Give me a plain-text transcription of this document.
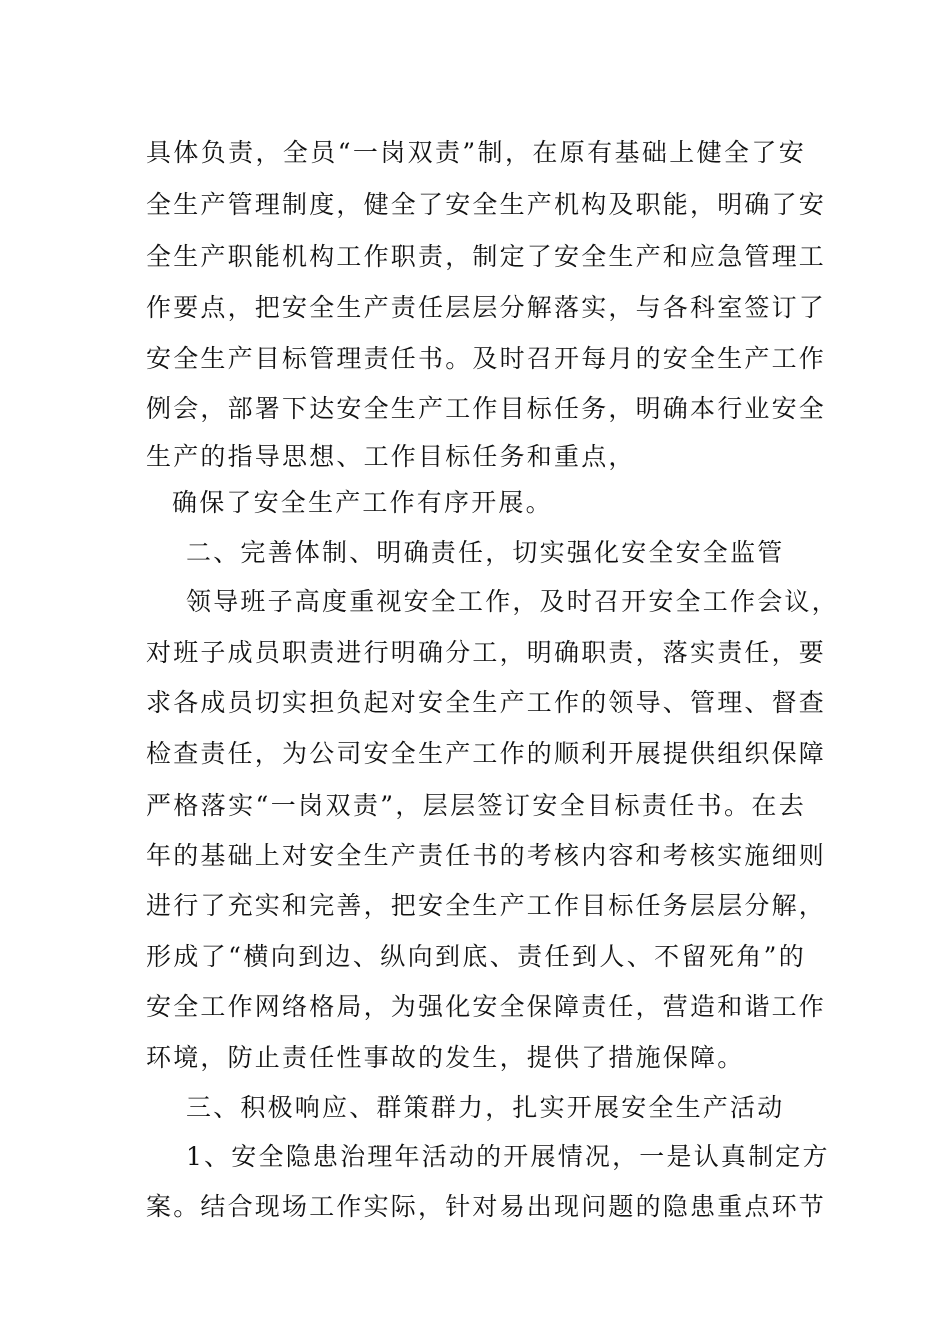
具体负责，全员“一岗双责”制，在原有基础上健全了安
全生产管理制度，健全了安全生产机构及职能，明确了安
全生产职能机构工作职责，制定了安全生产和应急管理工
作要点，把安全生产责任层层分解落实，与各科室签订了
安全生产目标管理责任书。及时召开每月的安全生产工作
例会，部署下达安全生产工作目标任务，明确本行业安全
生产的指导思想、工作目标任务和重点，
确保了安全生产工作有序开展。
二、完善体制、明确责任，切实强化安全安全监管
领导班子高度重视安全工作，及时召开安全工作会议，
对班子成员职责进行明确分工，明确职责，落实责任，要
求各成员切实担负起对安全生产工作的领导、管理、督查
检查责任，为公司安全生产工作的顺利开展提供组织保障
严格落实“一岗双责”，层层签订安全目标责任书。在去
年的基础上对安全生产责任书的考核内容和考核实施细则
进行了充实和完善，把安全生产工作目标任务层层分解，
形成了“横向到边、纵向到底、责任到人、不留死角”的
安全工作网络格局，为强化安全保障责任，营造和谐工作
环境，防止责任性事故的发生，提供了措施保障。
三、积极响应、群策群力，扎实开展安全生产活动
1、安全隐患治理年活动的开展情况，一是认真制定方
案。结合现场工作实际，针对易出现问题的隐患重点环节
